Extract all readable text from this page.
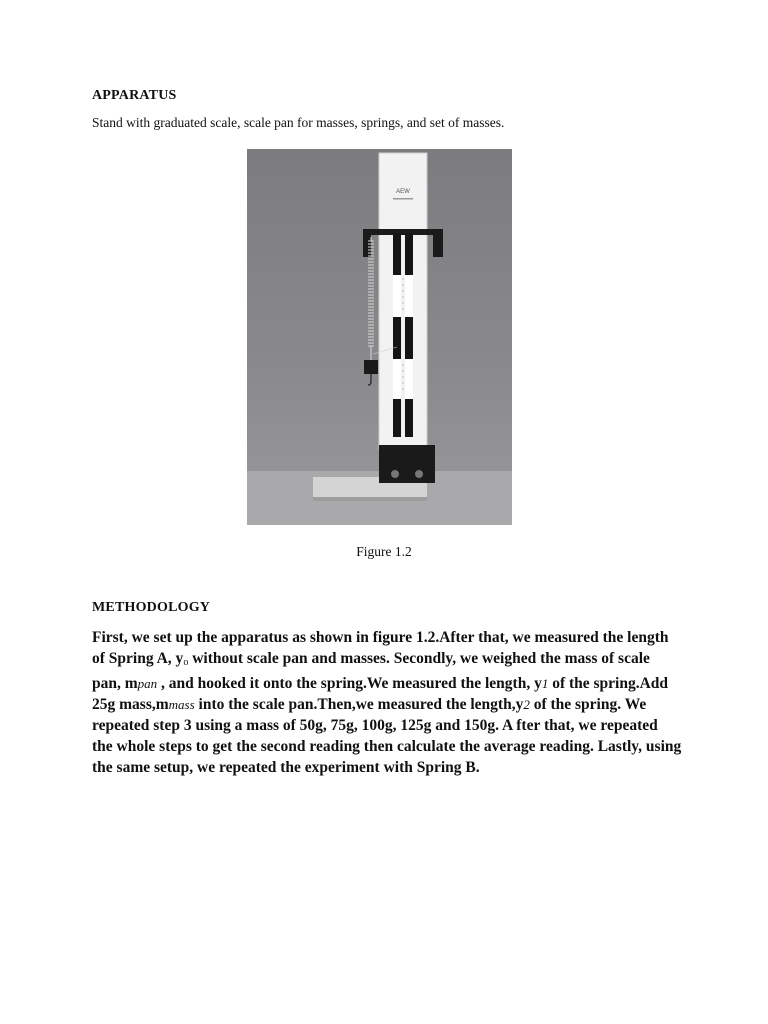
APPARATUS

Stand with graduated scale, scale pan for masses, springs, and set of masses.

AEW

Figure 1.2

METHODOLOGY

First, we set up the apparatus as shown in figure 1.2.After that, we measured the length of Spring A, yo without scale pan and masses. Secondly, we weighed the mass of scale pan, mpan , and hooked it onto the spring.We measured the length, y1 of the spring.Add 25g mass,mmass into the scale pan.Then,we measured the length,y2 of the spring. We repeated step 3 using a mass of 50g, 75g, 100g, 125g and 150g. A fter that, we repeated the whole steps to get the second reading then calculate the average reading. Lastly, using the same setup, we repeated the experiment with Spring B.
